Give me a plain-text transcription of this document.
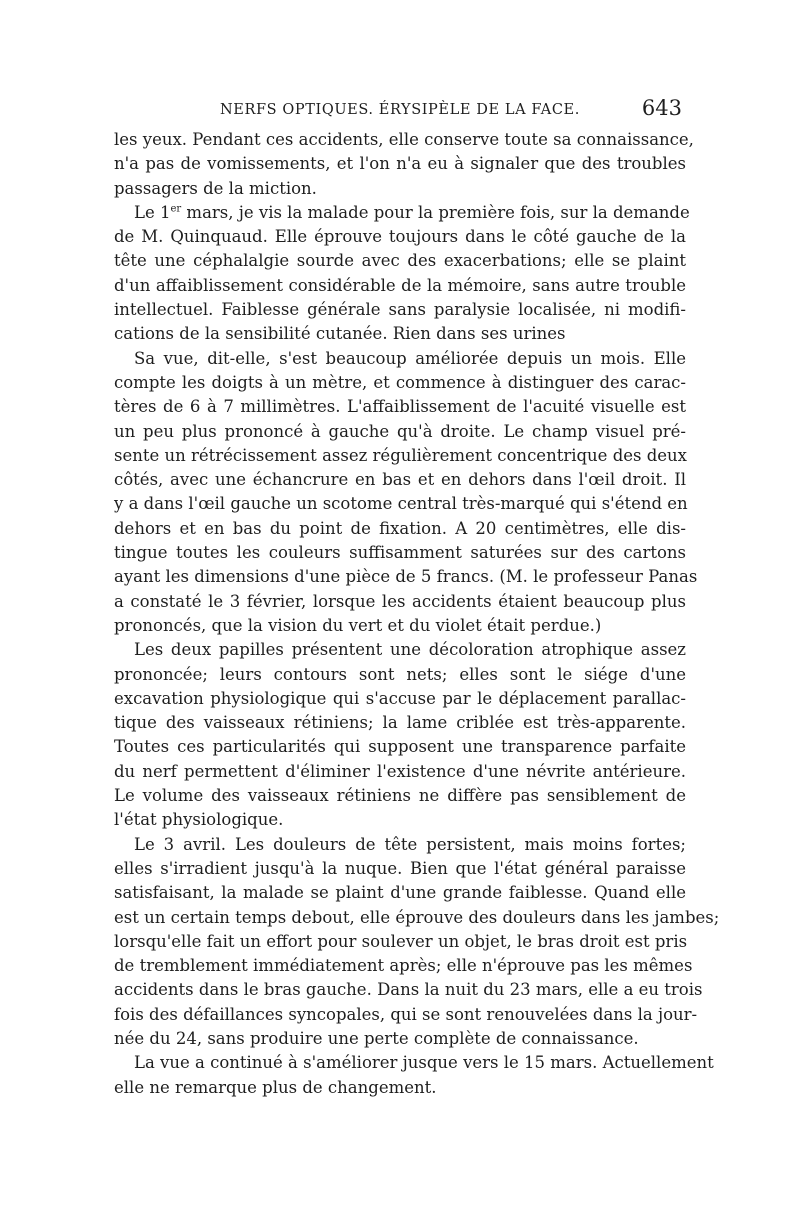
NERFS OPTIQUES. ÉRYSIPÈLE DE LA FACE.	643
les yeux. Pendant ces accidents, elle conserve toute sa connaissance,
n'a pas de vomissements, et l'on n'a eu à signaler que des troubles
passagers de la miction.
Le 1er mars, je vis la malade pour la première fois, sur la demande
de M. Quinquaud. Elle éprouve toujours dans le côté gauche de la
tête une céphalalgie sourde avec des exacerbations; elle se plaint
d'un affaiblissement considérable de la mémoire, sans autre trouble
intellectuel. Faiblesse générale sans paralysie localisée, ni modifi-
cations de la sensibilité cutanée. Rien dans ses urines
Sa vue, dit-elle, s'est beaucoup améliorée depuis un mois. Elle
compte les doigts à un mètre, et commence à distinguer des carac-
tères de 6 à 7 millimètres. L'affaiblissement de l'acuité visuelle est
un peu plus prononcé à gauche qu'à droite. Le champ visuel pré-
sente un rétrécissement assez régulièrement concentrique des deux
côtés, avec une échancrure en bas et en dehors dans l'œil droit. Il
y a dans l'œil gauche un scotome central très-marqué qui s'étend en
dehors et en bas du point de fixation. A 20 centimètres, elle dis-
tingue toutes les couleurs suffisamment saturées sur des cartons
ayant les dimensions d'une pièce de 5 francs. (M. le professeur Panas
a constaté le 3 février, lorsque les accidents étaient beaucoup plus
prononcés, que la vision du vert et du violet était perdue.)
Les deux papilles présentent une décoloration atrophique assez
prononcée; leurs contours sont nets; elles sont le siége d'une
excavation physiologique qui s'accuse par le déplacement parallac-
tique des vaisseaux rétiniens; la lame criblée est très-apparente.
Toutes ces particularités qui supposent une transparence parfaite
du nerf permettent d'éliminer l'existence d'une névrite antérieure.
Le volume des vaisseaux rétiniens ne diffère pas sensiblement de
l'état physiologique.
Le 3 avril. Les douleurs de tête persistent, mais moins fortes;
elles s'irradient jusqu'à la nuque. Bien que l'état général paraisse
satisfaisant, la malade se plaint d'une grande faiblesse. Quand elle
est un certain temps debout, elle éprouve des douleurs dans les jambes;
lorsqu'elle fait un effort pour soulever un objet, le bras droit est pris
de tremblement immédiatement après; elle n'éprouve pas les mêmes
accidents dans le bras gauche. Dans la nuit du 23 mars, elle a eu trois
fois des défaillances syncopales, qui se sont renouvelées dans la jour-
née du 24, sans produire une perte complète de connaissance.
La vue a continué à s'améliorer jusque vers le 15 mars. Actuellement
elle ne remarque plus de changement.
